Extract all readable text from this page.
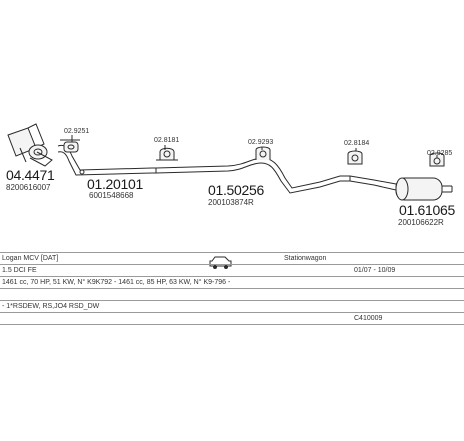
04.4471
8200616007	01.20101
6001548668	01.50256
200103874R	01.61065
200106622R
02.9251
02.8181	02.9293	02.8184
02.9285
Logan MCV [DAT]	Stationwagon
1.5 DCI FE	01/07 - 10/09
1461 cc, 70 HP, 51 KW, N° K9K792 - 1461 cc, 85 HP, 63 KW, N° K9-796 -
- 1*RSDEW, RS,JO4 RSD_DW
C410009
